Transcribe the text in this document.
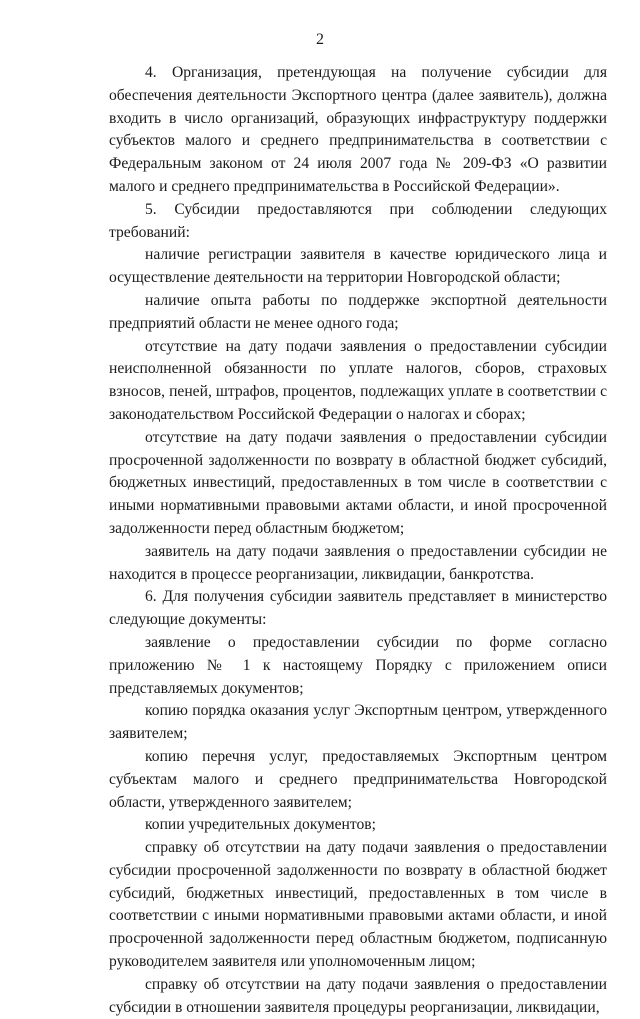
2

4. Организация, претендующая на получение субсидии для обеспечения деятельности Экспортного центра (далее заявитель), должна входить в число организаций, образующих инфраструктуру поддержки субъектов малого и среднего предпринимательства в соответствии с Федеральным законом от 24 июля 2007 года № 209-ФЗ «О развитии малого и среднего предпринимательства в Российской Федерации».

5. Субсидии предоставляются при соблюдении следующих требований:

наличие регистрации заявителя в качестве юридического лица и осуществление деятельности на территории Новгородской области;

наличие опыта работы по поддержке экспортной деятельности предприятий области не менее одного года;

отсутствие на дату подачи заявления о предоставлении субсидии неисполненной обязанности по уплате налогов, сборов, страховых взносов, пеней, штрафов, процентов, подлежащих уплате в соответствии с законодательством Российской Федерации о налогах и сборах;

отсутствие на дату подачи заявления о предоставлении субсидии просроченной задолженности по возврату в областной бюджет субсидий, бюджетных инвестиций, предоставленных в том числе в соответствии с иными нормативными правовыми актами области, и иной просроченной задолженности перед областным бюджетом;

заявитель на дату подачи заявления о предоставлении субсидии не находится в процессе реорганизации, ликвидации, банкротства.

6. Для получения субсидии заявитель представляет в министерство следующие документы:

заявление о предоставлении субсидии по форме согласно приложению № 1 к настоящему Порядку с приложением описи представляемых документов;

копию порядка оказания услуг Экспортным центром, утвержденного заявителем;

копию перечня услуг, предоставляемых Экспортным центром субъектам малого и среднего предпринимательства Новгородской области, утвержденного заявителем;

копии учредительных документов;

справку об отсутствии на дату подачи заявления о предоставлении субсидии просроченной задолженности по возврату в областной бюджет субсидий, бюджетных инвестиций, предоставленных в том числе в соответствии с иными нормативными правовыми актами области, и иной просроченной задолженности перед областным бюджетом, подписанную руководителем заявителя или уполномоченным лицом;

справку об отсутствии на дату подачи заявления о предоставлении субсидии в отношении заявителя процедуры реорганизации, ликвидации,
